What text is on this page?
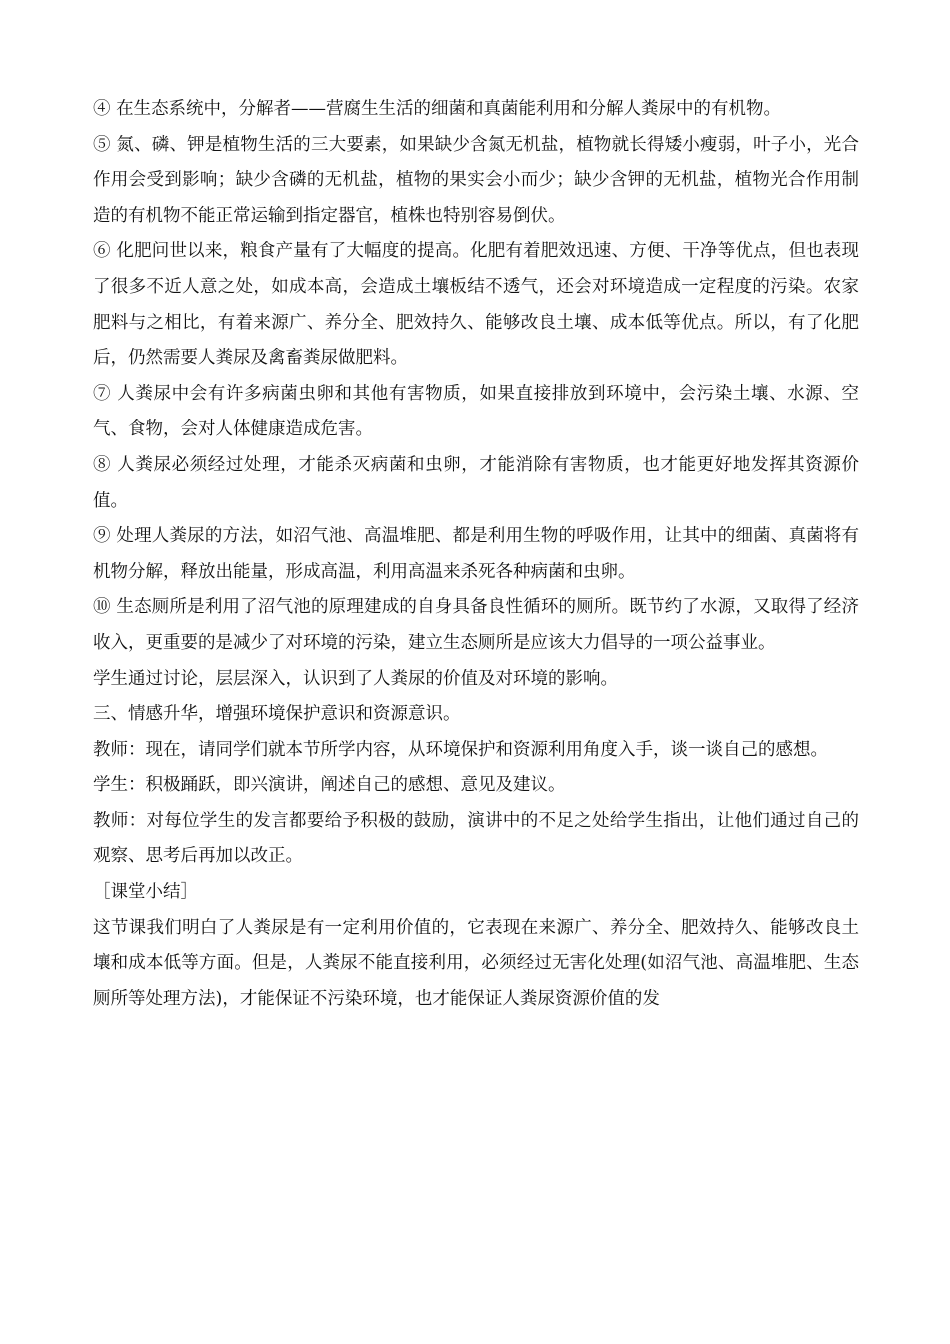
④ 在生态系统中，分解者——营腐生生活的细菌和真菌能利用和分解人粪尿中的有机物。

⑤ 氮、磷、钾是植物生活的三大要素，如果缺少含氮无机盐，植物就长得矮小瘦弱，叶子小，光合作用会受到影响；缺少含磷的无机盐，植物的果实会小而少；缺少含钾的无机盐，植物光合作用制造的有机物不能正常运输到指定器官，植株也特别容易倒伏。

⑥ 化肥问世以来，粮食产量有了大幅度的提高。化肥有着肥效迅速、方便、干净等优点，但也表现了很多不近人意之处，如成本高，会造成土壤板结不透气，还会对环境造成一定程度的污染。农家肥料与之相比，有着来源广、养分全、肥效持久、能够改良土壤、成本低等优点。所以，有了化肥后，仍然需要人粪尿及禽畜粪尿做肥料。

⑦ 人粪尿中会有许多病菌虫卵和其他有害物质，如果直接排放到环境中，会污染土壤、水源、空气、食物，会对人体健康造成危害。

⑧ 人粪尿必须经过处理，才能杀灭病菌和虫卵，才能消除有害物质，也才能更好地发挥其资源价值。

⑨ 处理人粪尿的方法，如沼气池、高温堆肥、都是利用生物的呼吸作用，让其中的细菌、真菌将有机物分解，释放出能量，形成高温，利用高温来杀死各种病菌和虫卵。

⑩ 生态厕所是利用了沼气池的原理建成的自身具备良性循环的厕所。既节约了水源，又取得了经济收入，更重要的是减少了对环境的污染，建立生态厕所是应该大力倡导的一项公益事业。

学生通过讨论，层层深入，认识到了人粪尿的价值及对环境的影响。

三、情感升华，增强环境保护意识和资源意识。

教师：现在，请同学们就本节所学内容，从环境保护和资源利用角度入手，谈一谈自己的感想。

学生：积极踊跃，即兴演讲，阐述自己的感想、意见及建议。

教师：对每位学生的发言都要给予积极的鼓励，演讲中的不足之处给学生指出，让他们通过自己的观察、思考后再加以改正。

［课堂小结］

这节课我们明白了人粪尿是有一定利用价值的，它表现在来源广、养分全、肥效持久、能够改良土壤和成本低等方面。但是，人粪尿不能直接利用，必须经过无害化处理(如沼气池、高温堆肥、生态厕所等处理方法)，才能保证不污染环境，也才能保证人粪尿资源价值的发
